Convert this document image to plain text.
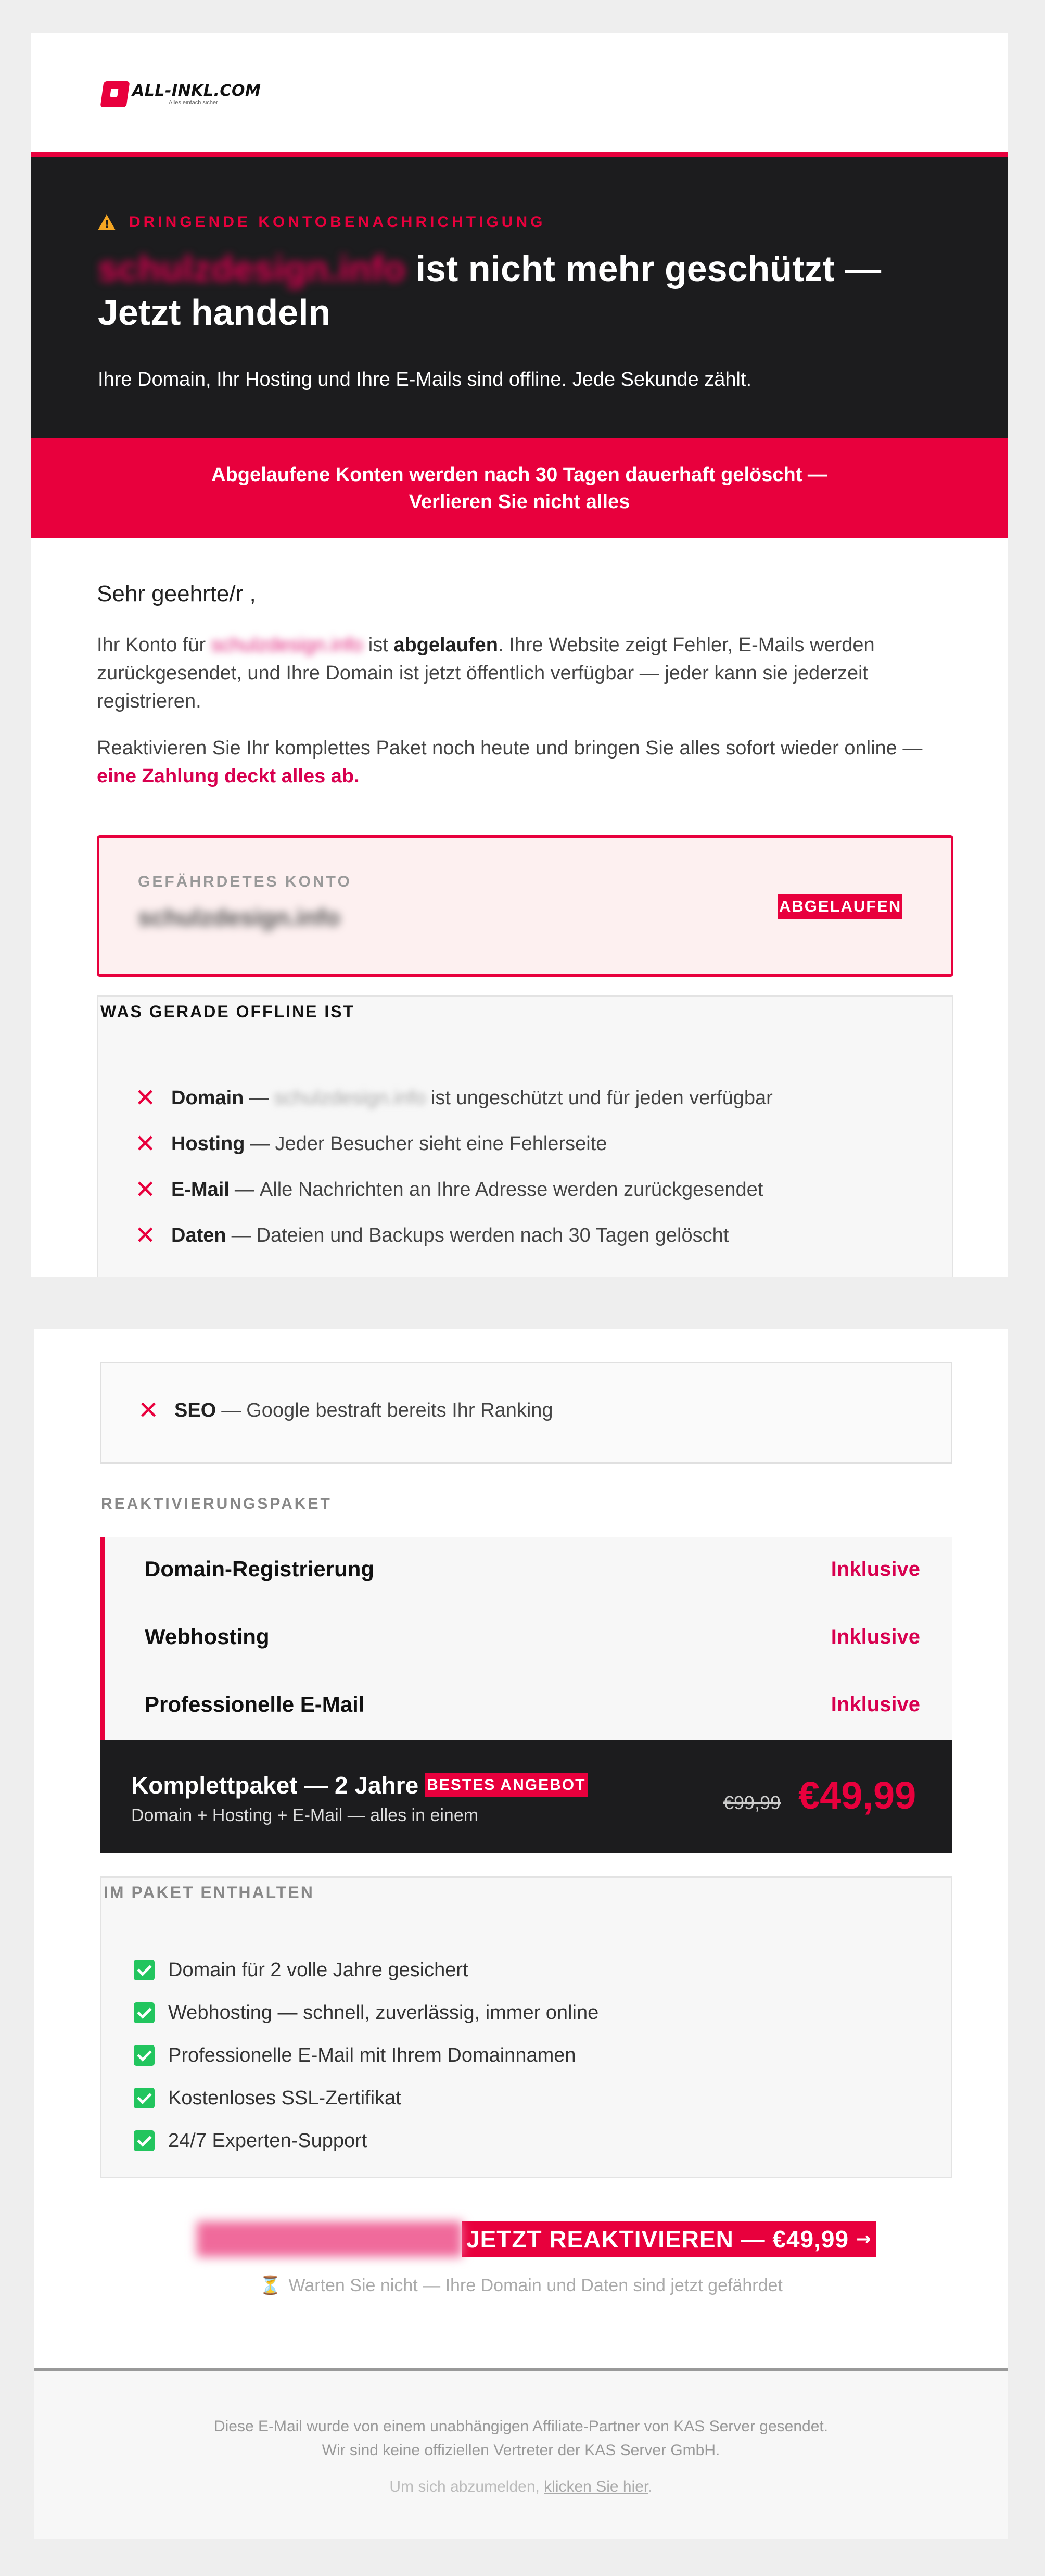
ALL-INKL.COM
Alles einfach sicher
!
DRINGENDE KONTOBENACHRICHTIGUNG
schulzdesign.info ist nicht mehr geschützt — Jetzt handeln
Ihre Domain, Ihr Hosting und Ihre E-Mails sind offline. Jede Sekunde zählt.
Abgelaufene Konten werden nach 30 Tagen dauerhaft gelöscht — Verlieren Sie nicht alles
Sehr geehrte/r ,
Ihr Konto für schulzdesign.info ist abgelaufen. Ihre Website zeigt Fehler, E-Mails werden zurückgesendet, und Ihre Domain ist jetzt öffentlich verfügbar — jeder kann sie jederzeit registrieren.
Reaktivieren Sie Ihr komplettes Paket noch heute und bringen Sie alles sofort wieder online — eine Zahlung deckt alles ab.
GEFÄHRDETES KONTO
schulzdesign.info	ABGELAUFEN
WAS GERADE OFFLINE IST
✕ Domain — schulzdesign.info ist ungeschützt und für jeden verfügbar
✕ Hosting — Jeder Besucher sieht eine Fehlerseite
✕ E-Mail — Alle Nachrichten an Ihre Adresse werden zurückgesendet
✕ Daten — Dateien und Backups werden nach 30 Tagen gelöscht
✕ SEO — Google bestraft bereits Ihr Ranking
REAKTIVIERUNGSPAKET
Domain-Registrierung	Inklusive
Webhosting	Inklusive
Professionelle E-Mail	Inklusive
Komplettpaket — 2 Jahre BESTES ANGEBOT
Domain + Hosting + E-Mail — alles in einem
€99,99 €49,99
IM PAKET ENTHALTEN
Domain für 2 volle Jahre gesichert
Webhosting — schnell, zuverlässig, immer online
Professionelle E-Mail mit Ihrem Domainnamen
Kostenloses SSL-Zertifikat
24/7 Experten-Support
JETZT REAKTIVIEREN — €49,99 →
⏳ Warten Sie nicht — Ihre Domain und Daten sind jetzt gefährdet
Diese E-Mail wurde von einem unabhängigen Affiliate-Partner von KAS Server gesendet.
Wir sind keine offiziellen Vertreter der KAS Server GmbH.
Um sich abzumelden, klicken Sie hier.
